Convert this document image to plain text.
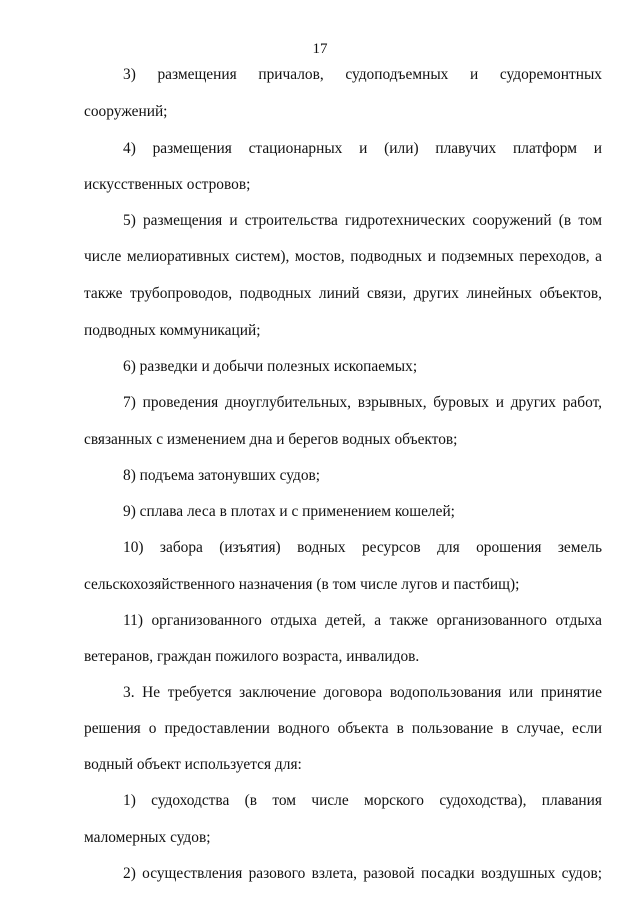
17
3) размещения причалов, судоподъемных и судоремонтных
сооружений;
4) размещения стационарных и (или) плавучих платформ и
искусственных островов;
5) размещения и строительства гидротехнических сооружений (в том
числе мелиоративных систем), мостов, подводных и подземных переходов, а
также трубопроводов, подводных линий связи, других линейных объектов,
подводных коммуникаций;
6) разведки и добычи полезных ископаемых;
7) проведения дноуглубительных, взрывных, буровых и других работ,
связанных с изменением дна и берегов водных объектов;
8) подъема затонувших судов;
9) сплава леса в плотах и с применением кошелей;
10) забора (изъятия) водных ресурсов для орошения земель
сельскохозяйственного назначения (в том числе лугов и пастбищ);
11) организованного отдыха детей, а также организованного отдыха
ветеранов, граждан пожилого возраста, инвалидов.
3. Не требуется заключение договора водопользования или принятие
решения о предоставлении водного объекта в пользование в случае, если
водный объект используется для:
1) судоходства (в том числе морского судоходства), плавания
маломерных судов;
2) осуществления разового взлета, разовой посадки воздушных судов;
